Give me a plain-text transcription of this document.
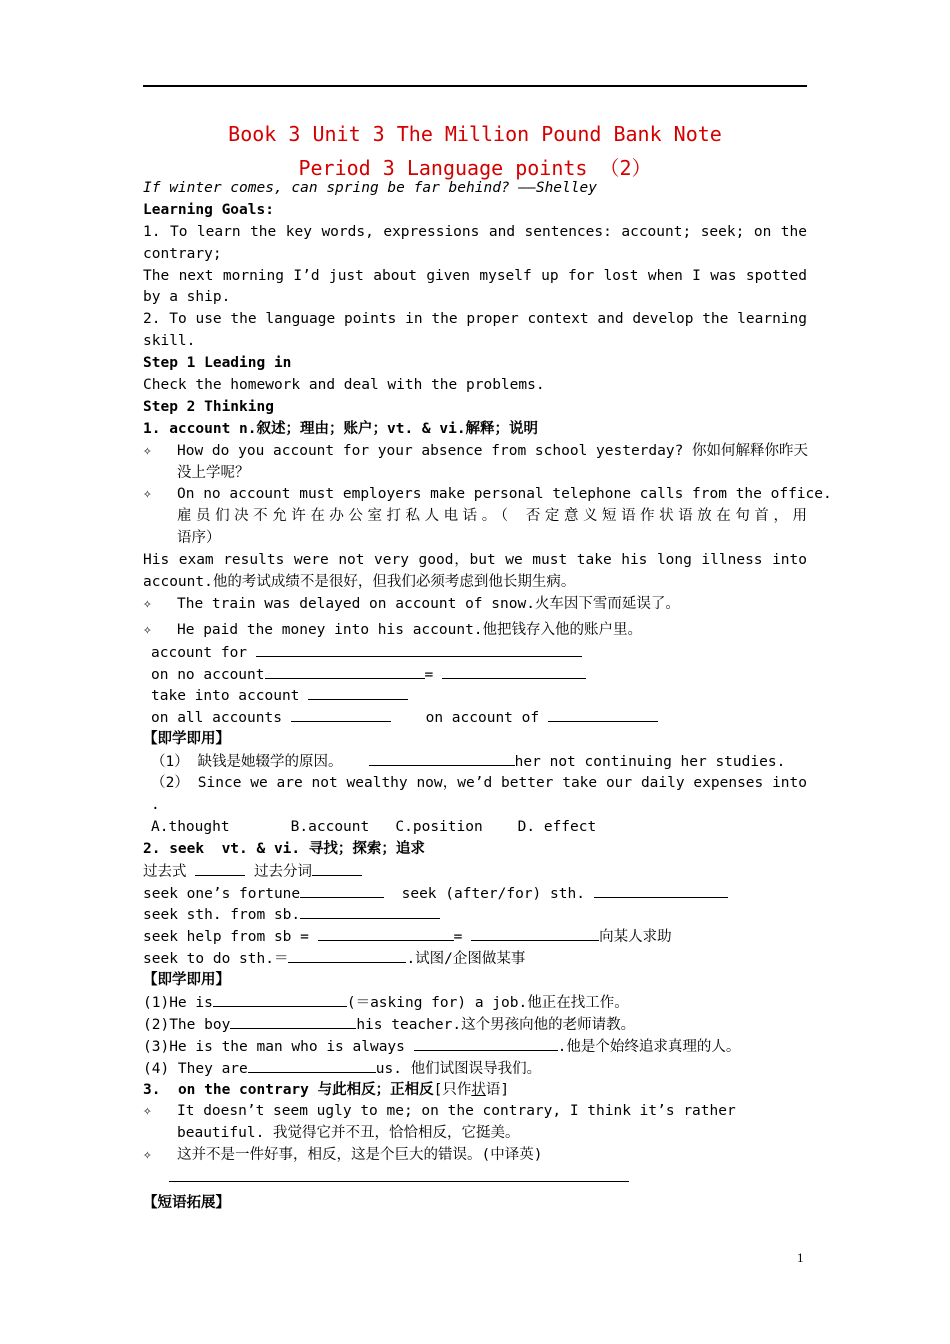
Book 3 Unit 3 The Million Pound Bank Note
Period 3 Language points （2）
If winter comes, can spring be far behind? ——Shelley
Learning Goals:
1. To learn the key words, expressions and sentences: account; seek; on the
contrary;
The next morning I’d just about given myself up for lost when I was spotted
by a ship.
2. To use the language points in the proper context and develop the learning
skill.
Step 1 Leading in
Check the homework and deal with the problems.
Step 2 Thinking
1. account n.叙述；理由；账户；vt. & vi.解释；说明
✧ How do you account for your absence from school yesterday? 你如何解释你昨天
没上学呢？
✧ On no account must employers make personal telephone calls from the office.
雇员们决不允许在办公室打私人电话。（ 否定意义短语作状语放在句首，用
语序）
His exam results were not very good，but we must take his long illness into
account.他的考试成绩不是很好，但我们必须考虑到他长期生病。
✧ The train was delayed on account of snow.火车因下雪而延误了。
✧ He paid the money into his account.他把钱存入他的账户里。
account for
on no account	=
take into account
on all accounts	on account of
【即学即用】
（1） 缺钱是她辍学的原因。	her not continuing her studies.
（2） Since we are not wealthy now，we’d better take our daily expenses into
.
A.thought       B.account   C.position    D. effect
2. seek  vt. & vi. 寻找；探索；追求
过去式	过去分词
seek one’s fortune	seek (after/for) sth.
seek sth. from sb.
seek help from sb =	=	向某人求助
seek to do sth.＝	.试图/企图做某事
【即学即用】
(1)He is	(＝asking for) a job.他正在找工作。
(2)The boy	his teacher.这个男孩向他的老师请教。
(3)He is the man who is always	.他是个始终追求真理的人。
(4) They are	us. 他们试图误导我们。
3. on the contrary 与此相反；正相反[只作状语]
✧ It doesn’t seem ugly to me; on the contrary, I think it’s rather
beautiful. 我觉得它并不丑，恰恰相反，它挺美。
✧ 这并不是一件好事，相反，这是个巨大的错误。(中译英)
【短语拓展】
1
